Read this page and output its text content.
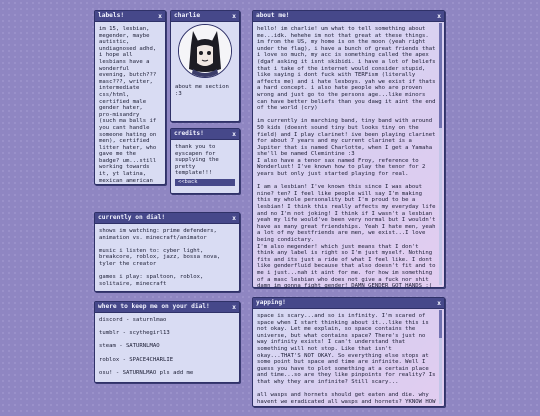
labels!	x

im 15, lesbian,
megender, maybe
autistic,
undiagnosed adhd,
i hope all
lesbians have a
wonderful
evening, butch???
masc???, writer,
intermediate
css/html,
certified male
gender hater,
pro-misandry
(such ma balls if
you cant handle
someone hating on
men), certified
litter hater, who
gave me the
badge? um...still
working towards
it, yt latina,
mexican american

charlie	x

about me section
:3

credits!	x

thank you to
eyscapen for
supplying the
pretty
template!!!

<<back
about me!	x

hello! im charlie! um what to tell something about me...idk. hehehe im not that great at these things. im from the US, my home is on the moon (yeah right under the flag), i have a bunch of great friends that i love so much, my acc is something called the apex (dgaf asking it isnt skibidi. i have a lot of beliefs that i take of the internet would consider stupid, like saying i dont fuck with TERFism (literally affects me) and i hate lesboys. yah we exist if thats a hard concept. i also hate people who are proven wrong and just go to the persons age...like minors can have better beliefs than you dawg it aint the end of the world (cry)

im currently in marching band, tiny band with around 50 kids (doesnt sound tiny but looks tiny on the field) and I play clarinet! ive been playing clarinet for about 7 years and my current clarinet is a Jupiter that is named Charlotte, when I get a Yamaha she'll be named Clemintine :3
I also have a tenor sax named Froy, reference to Wonderlust! I've known how to play the tenor for 2 years but only just started playing for real.

I am a lesbian! I've known this since I was about nine? ten? I feel like people will say I'm making this my whole personality but I'm proud to be a lesbian! I think this really affects my everyday life and no I'm not joking! I think if I wasn't a lesbian yeah my life would've been very normal but I wouldn't have as many great friendships. Yeah I hate men, yeah a lot of my bestfriends are men, we exist...I love being condictary.
I'm also megender! which just means that I don't think any label is right so I'm just myself. Nothing fits and its just a ride of what I feel like. I dont like genderfluid because that also doesn't fit and to me i just...nah it aint for me. for how im something of a masc lesbian who does not give a fuck nor shit damn im gonna fight gender! DAMN GENDER GOT HANDS :(

currently on dial!	x

shows im watching: prime defenders, animation vs. minecraft/animator

music i listen to: cyber light, breakcore, roblox, jazz, bossa nova, tyler the creator

games i play: spaltoon, roblox, solitaire, minecraft

where to keep me on your dial!	x

discord - saturnlmao

tumblr - scythegirl13

steam - SATURNLMAO

roblox - SPACE4CHARLIE

osu! - SATURNLMAO pls add me

yapping!	x

space is scary...and so is infinity. I'm scared of space when I start thinking about it...like this is not okay. Let me explain, so space contains the universe, but what contains space? There's just no way infinity exists! I can't understand that something will not stop. Like that isn't okay...THAT'S NOT OKAY. So everything else stops at some point but space and time are infinite. Well I guess you have to plot something at a certain place and time...so are they like pinpoints for reality? Is that why they are infinite? Still scary...

all wasps and hornets should get eaten and die. why havent we eradicated all wasps and hornets? YKNOW HOW
